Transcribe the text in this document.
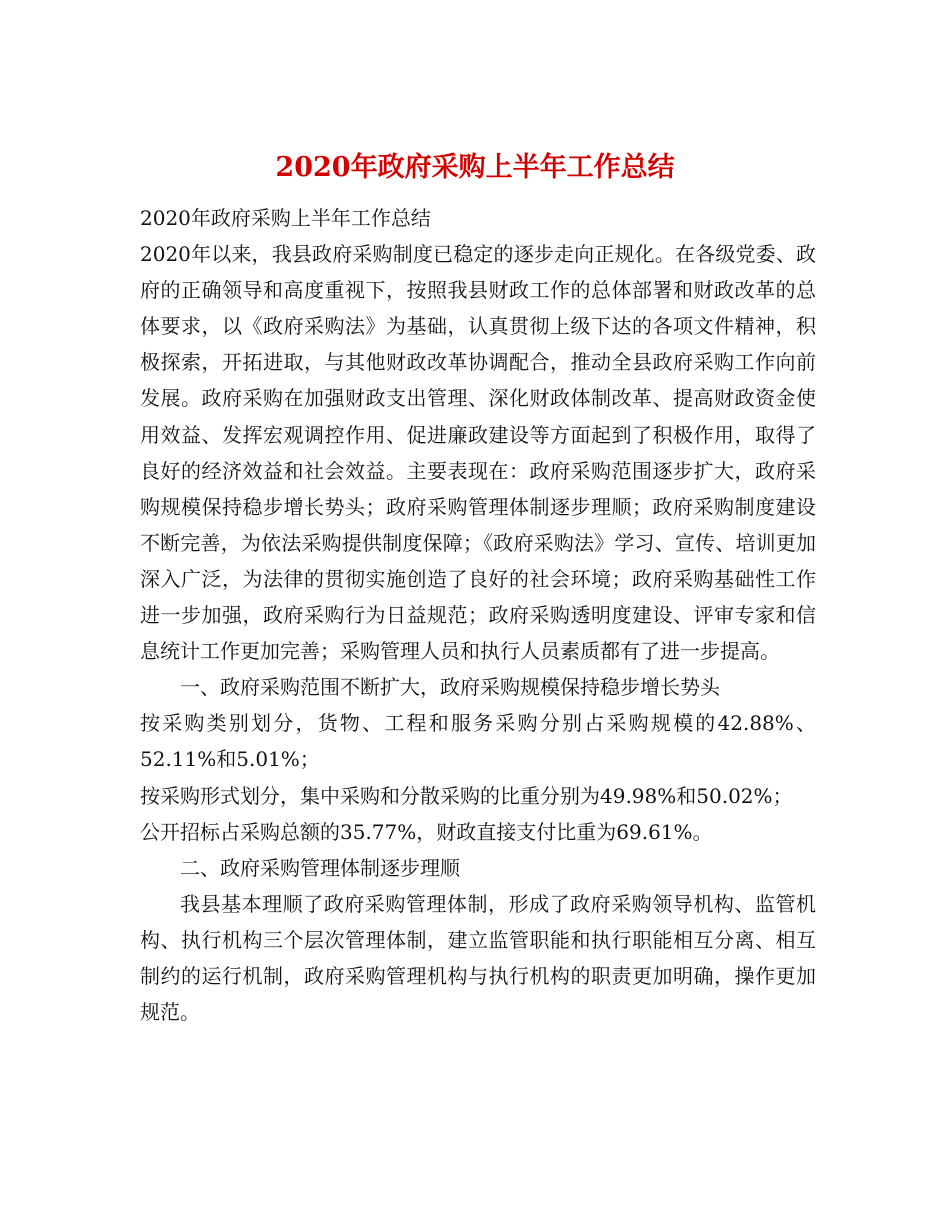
2020年政府采购上半年工作总结

2020年政府采购上半年工作总结

2020年以来，我县政府采购制度已稳定的逐步走向正规化。在各级党委、政府的正确领导和高度重视下，按照我县财政工作的总体部署和财政改革的总体要求，以《政府采购法》为基础，认真贯彻上级下达的各项文件精神，积极探索，开拓进取，与其他财政改革协调配合，推动全县政府采购工作向前发展。政府采购在加强财政支出管理、深化财政体制改革、提高财政资金使用效益、发挥宏观调控作用、促进廉政建设等方面起到了积极作用，取得了良好的经济效益和社会效益。主要表现在：政府采购范围逐步扩大，政府采购规模保持稳步增长势头；政府采购管理体制逐步理顺；政府采购制度建设不断完善，为依法采购提供制度保障；《政府采购法》学习、宣传、培训更加深入广泛，为法律的贯彻实施创造了良好的社会环境；政府采购基础性工作进一步加强，政府采购行为日益规范；政府采购透明度建设、评审专家和信息统计工作更加完善；采购管理人员和执行人员素质都有了进一步提高。

一、政府采购范围不断扩大，政府采购规模保持稳步增长势头

按采购类别划分，货物、工程和服务采购分别占采购规模的42.88%、52.11%和5.01%；

按采购形式划分，集中采购和分散采购的比重分别为49.98%和50.02%；

公开招标占采购总额的35.77%，财政直接支付比重为69.61%。

二、政府采购管理体制逐步理顺

我县基本理顺了政府采购管理体制，形成了政府采购领导机构、监管机构、执行机构三个层次管理体制，建立监管职能和执行职能相互分离、相互制约的运行机制，政府采购管理机构与执行机构的职责更加明确，操作更加规范。
